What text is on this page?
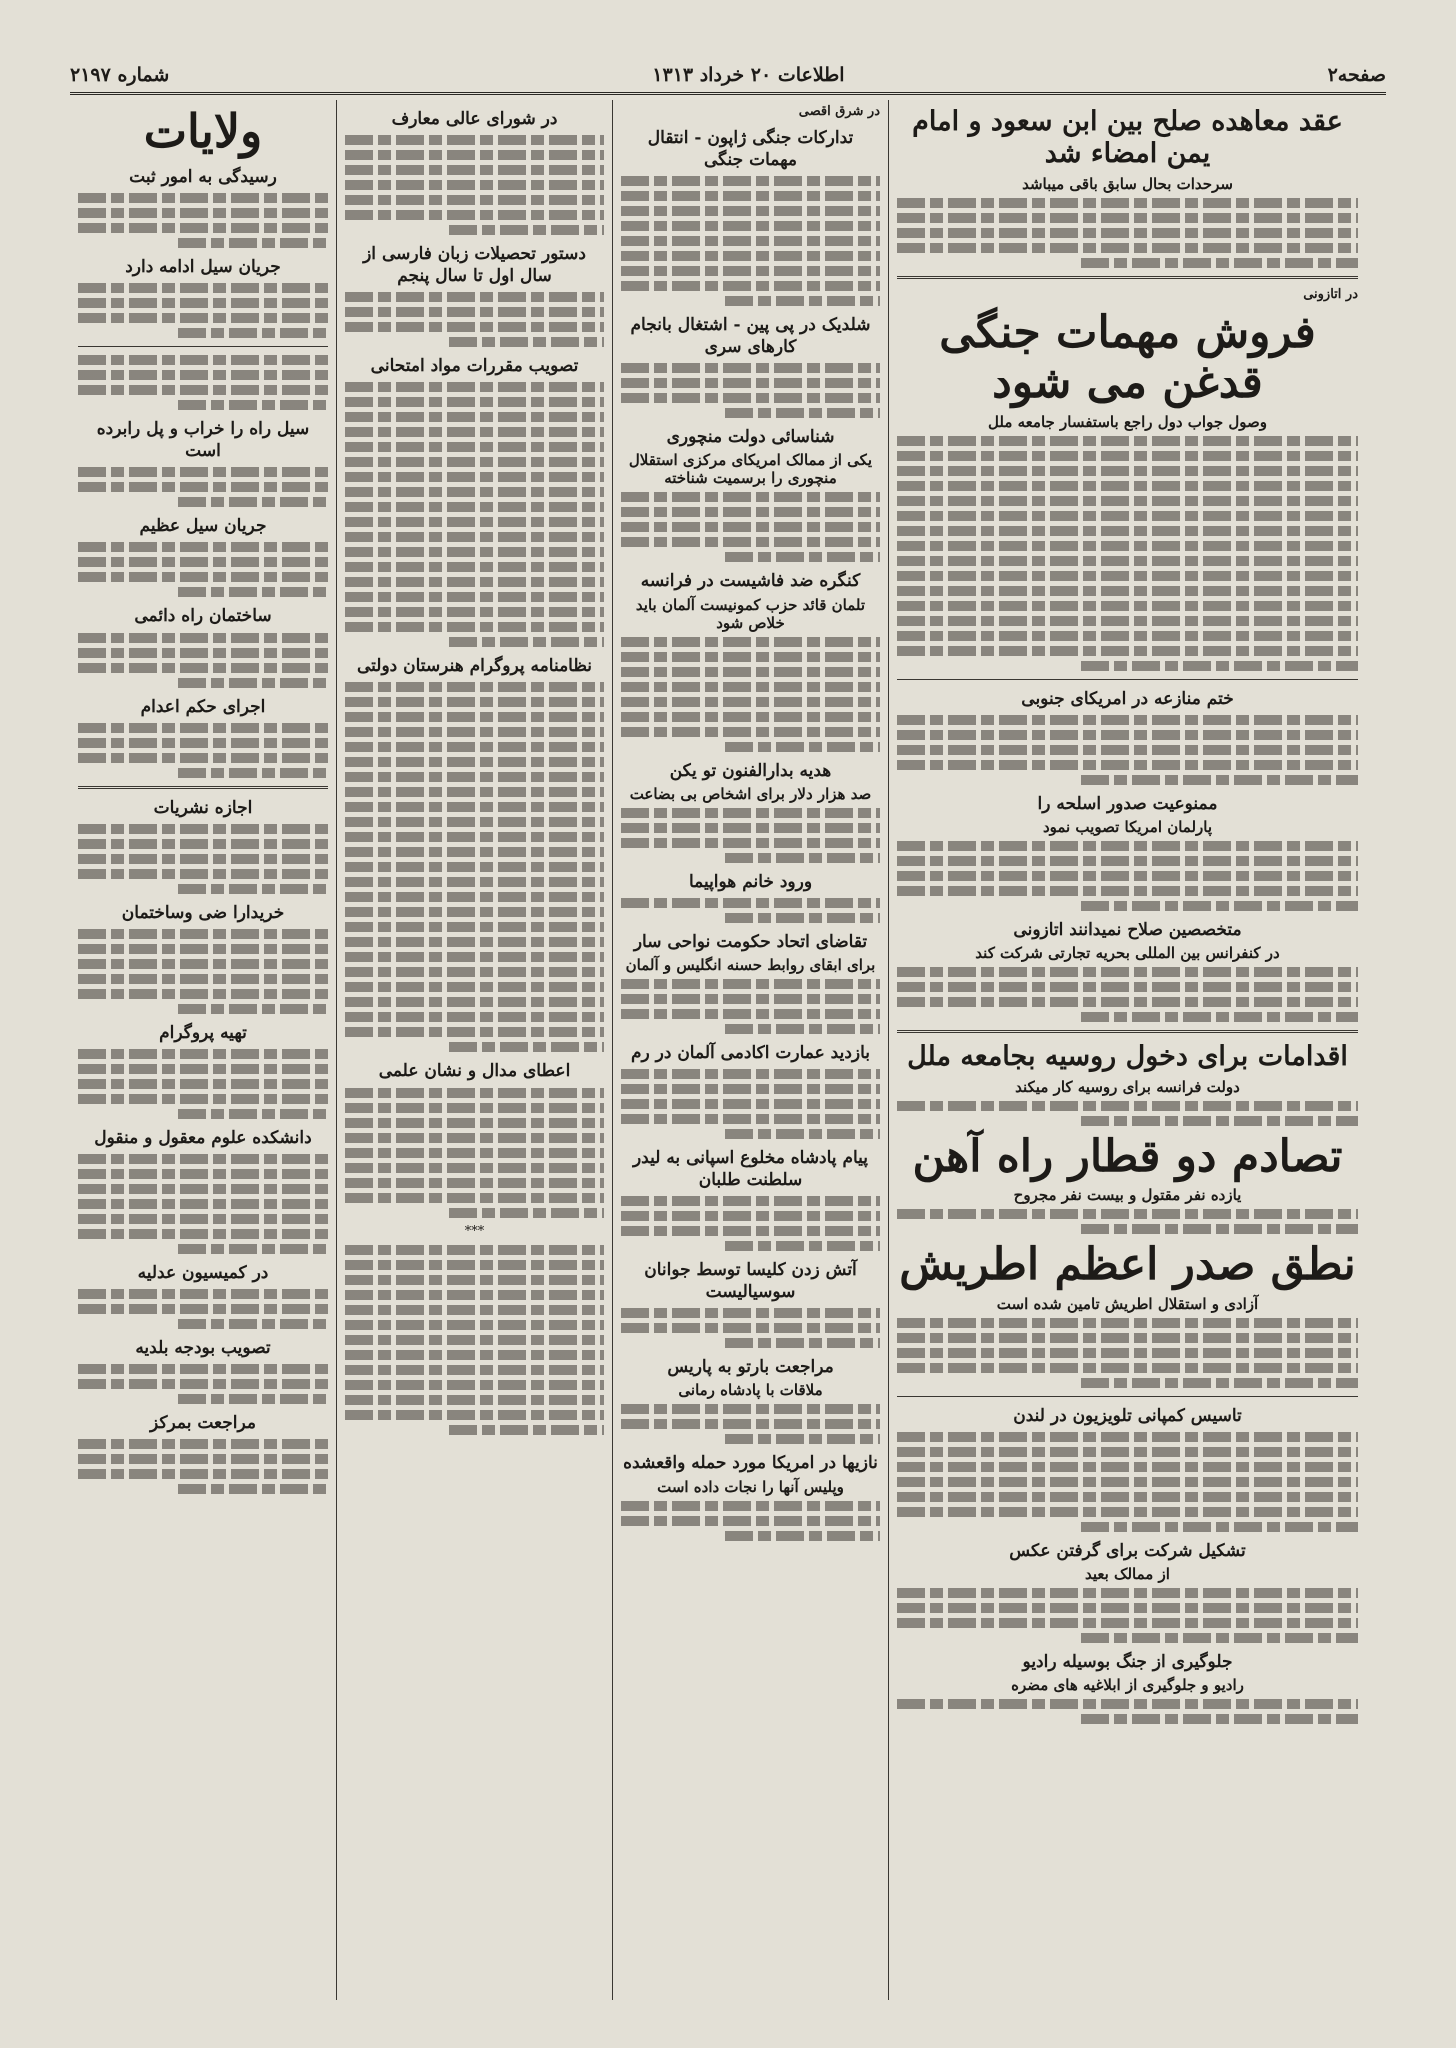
صفحه۲
اطلاعات ۲۰ خرداد ۱۳۱۳
شماره ۲۱۹۷
عقد معاهده صلح بین ابن سعود و امام یمن امضاء شد
سرحدات بحال سابق باقی میباشد
در اتازونی
فروش مهمات جنگی قدغن می شود
وصول جواب دول راجع باستفسار جامعه ملل
ختم منازعه در امریکای جنوبی
ممنوعیت صدور اسلحه را
پارلمان امریکا تصویب نمود
متخصصین صلاح نمیدانند اتازونی
در کنفرانس بین المللی بحریه تجارتی شرکت کند
اقدامات برای دخول روسیه بجامعه ملل
دولت فرانسه برای روسیه کار میکند
تصادم دو قطار راه آهن
یازده نفر مقتول و بیست نفر مجروح
نطق صدر اعظم اطریش
آزادی و استقلال اطریش تامین شده است
تاسیس کمپانی تلویزیون در لندن
تشکیل شرکت برای گرفتن عکس
از ممالک بعید
جلوگیری از جنگ بوسیله رادیو
رادیو و جلوگیری از ابلاغیه های مضره
در شرق اقصی
تدارکات جنگی ژاپون - انتقال مهمات جنگی
شلدیک در پی پین - اشتغال بانجام کارهای سری
شناسائی دولت منچوری
یکی از ممالک امریکای مرکزی استقلال منچوری را برسمیت شناخته
کنگره ضد فاشیست در فرانسه
تلمان قائد حزب کمونیست آلمان باید خلاص شود
هدیه بدارالفنون تو یکن
صد هزار دلار برای اشخاص بی بضاعت
ورود خانم هواپیما
تقاضای اتحاد حکومت نواحی سار
برای ابقای روابط حسنه انگلیس و آلمان
بازدید عمارت اکادمی آلمان در رم
پیام پادشاه مخلوع اسپانی به لیدر سلطنت طلبان
آتش زدن کلیسا توسط جوانان سوسیالیست
مراجعت بارتو به پاریس
ملاقات با پادشاه رمانی
نازیها در امریکا مورد حمله واقعشده
وپلیس آنها را نجات داده است
در شورای عالی معارف
دستور تحصیلات زبان فارسی از سال اول تا سال پنجم
تصویب مقررات مواد امتحانی
نظامنامه پروگرام هنرستان دولتی
اعطای مدال و نشان علمی
***
ولایات
رسیدگی به امور ثبت
جریان سیل ادامه دارد
سیل راه را خراب و پل رابرده است
جریان سیل عظیم
ساختمان راه دائمی
اجرای حکم اعدام
اجازه نشریات
خریدارا ضی وساختمان
تهیه پروگرام
دانشکده علوم معقول و منقول
در کمیسیون عدلیه
تصویب بودجه بلدیه
مراجعت بمرکز
